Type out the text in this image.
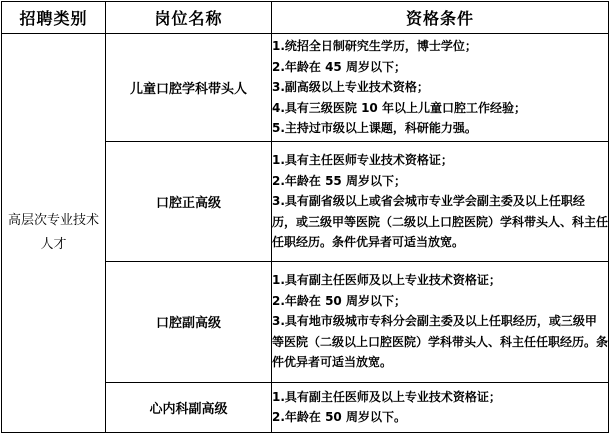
招聘类别	岗位名称	资格条件
高层次专业技术人才	儿童口腔学科带头人	1.统招全日制研究生学历，博士学位；
2.年龄在 45 周岁以下；
3.副高级以上专业技术资格；
4.具有三级医院 10 年以上儿童口腔工作经验；
5.主持过市级以上课题，科研能力强。

	口腔正高级	1.具有主任医师专业技术资格证；
2.年龄在 55 周岁以下；
3.具有副省级以上或省会城市专业学会副主委及以上任职经历，或三级甲等医院（二级以上口腔医院）学科带头人、科主任任职经历。条件优异者可适当放宽。

	口腔副高级	1.具有副主任医师及以上专业技术资格证；
2.年龄在 50 周岁以下；
3.具有地市级城市专科分会副主委及以上任职经历，或三级甲等医院（二级以上口腔医院）学科带头人、科主任任职经历。条件优异者可适当放宽。

	心内科副高级	1.具有副主任医师及以上专业技术资格证；
2.年龄在 50 周岁以下。
